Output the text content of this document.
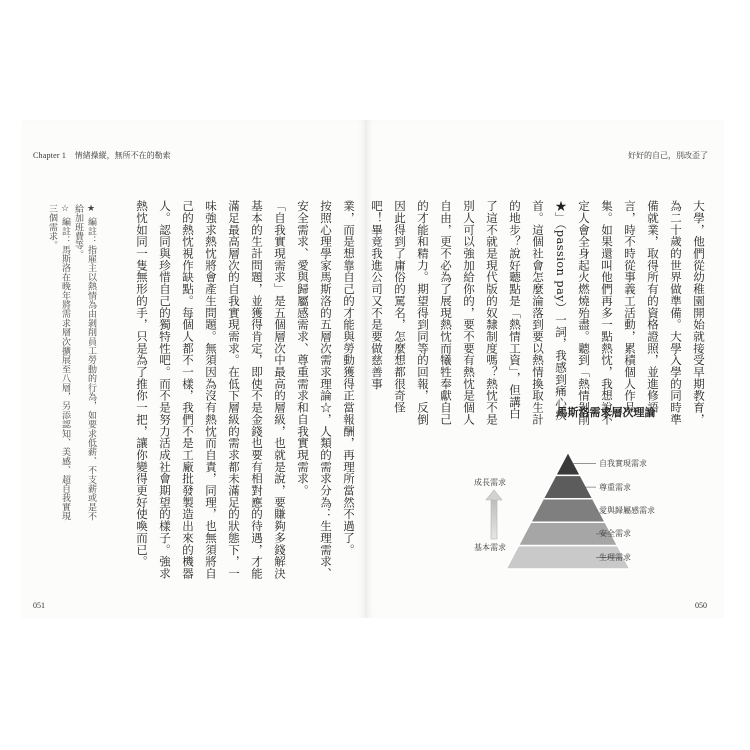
Chapter 1 情緒操縱，無所不在的勒索	好好的自己，別改歪了

大學，他們從幼稚園開始就接受早期教育，為二十歲的世界做準備。大學入學的同時準備就業，取得所有的資格證照，並進修語言，時不時從事義工活動，累積個人作品集。如果還叫他們再多一點熱忱，我想說不定人會全身起火燃燒殆盡。聽到「熱情剝削★」（passion pay）一詞，我感到痛心疾首。這個社會怎麼淪落到要以熱情換取生計的地步？說好聽點是「熱情工資」，但講白了這不就是現代版的奴隸制度嗎？熱忱不是別人可以強加給你的，要不要有熱忱是個人自由，更不必為了展現熱忱而犧牲奉獻自己的才能和精力。期望得到同等的回報，反倒因此得到了庸俗的罵名，怎麼想都很奇怪吧！畢竟我進公司又不是要做慈善事

業，而是想靠自己的才能與勞動獲得正當報酬，再理所當然不過了。

按照心理學家馬斯洛的五層次需求理論☆，人類的需求分為：生理需求、安全需求、愛與歸屬感需求、尊重需求和自我實現需求。

「自我實現需求」是五個層次中最高的層級，也就是說，要賺夠多錢解決基本的生計問題，並獲得肯定，即使不是金錢也要有相對應的待遇，才能滿足最高層次的自我實現需求。在低下層級的需求都未滿足的狀態下，一味強求熱忱將會產生問題。無須因為沒有熱忱而自責，同理，也無須將自己的熱忱視作缺點。每個人都不一樣，我們不是工廠批發製造出來的機器人。認同與珍惜自己的獨特性吧。而不是努力活成社會期望的樣子。強求熱忱如同一隻無形的手，只是為了推你一把，讓你變得更好使喚而已。

★ 編註：指雇主以熱情為由剝削員工勞動的行為，如要求低薪、不支薪或是不給加班費等。

☆ 編註：馬斯洛在晚年將需求層次擴展至八層，另添認知、美感、超自我實現三個需求。

馬斯洛需求層次理論
成長需求
基本需求
自我實現需求
尊重需求
愛與歸屬感需求
安全需求
生理需求
051	050
